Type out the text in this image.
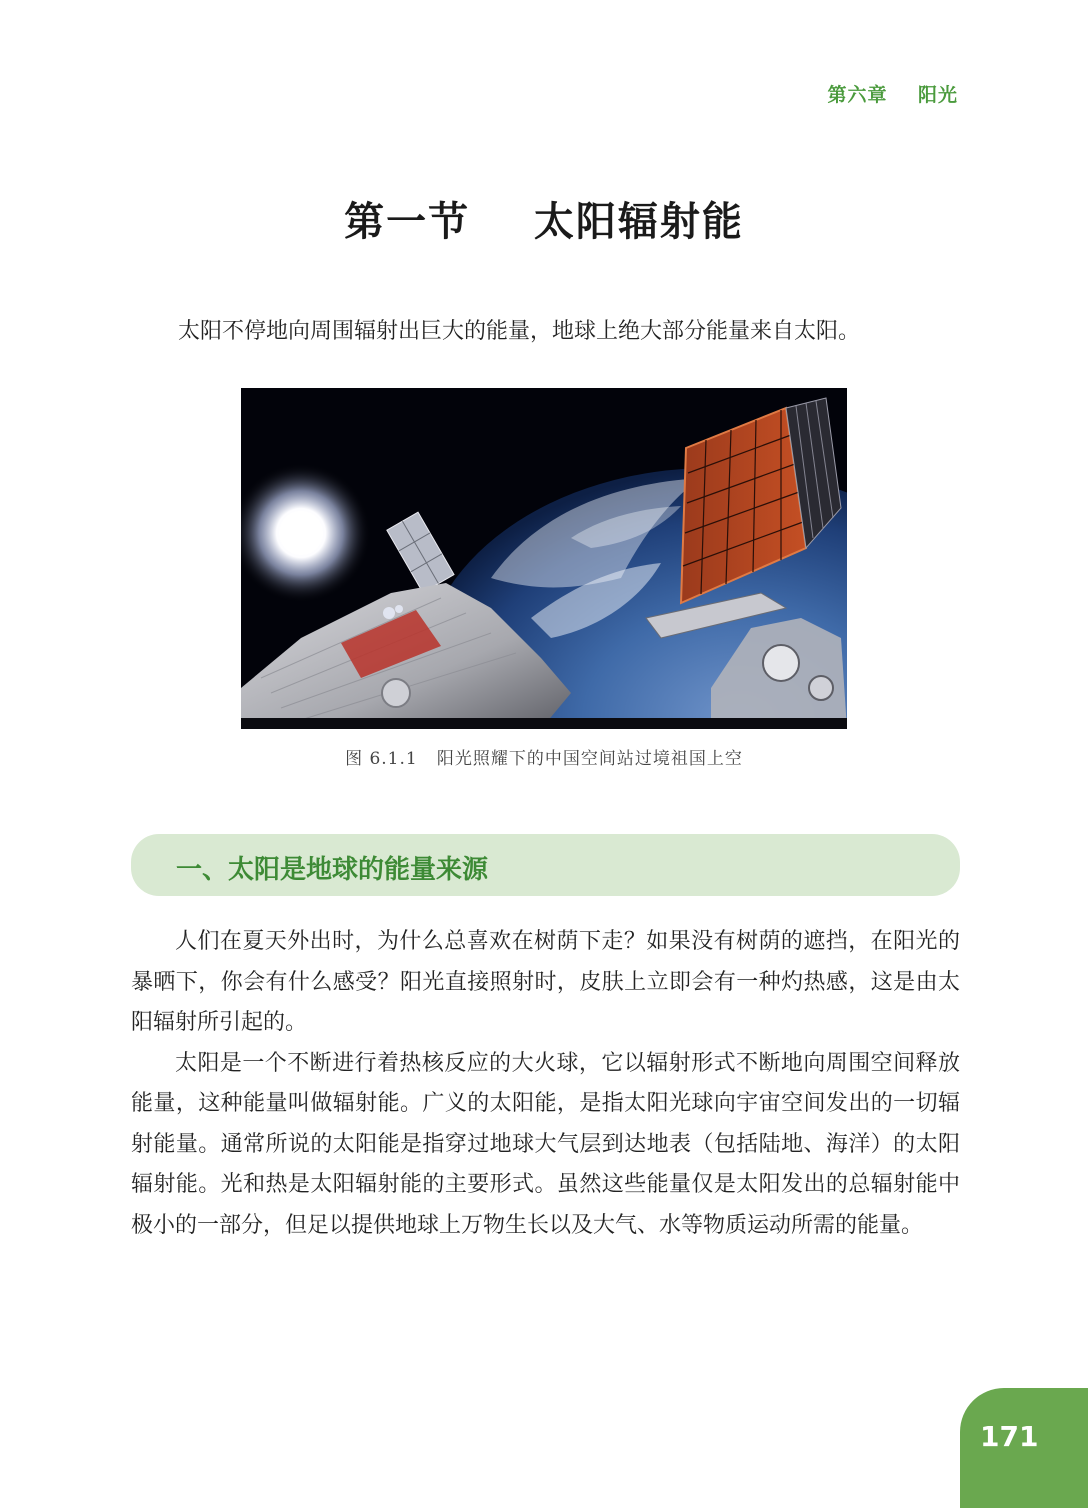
第六章    阳光
第一节    太阳辐射能
太阳不停地向周围辐射出巨大的能量，地球上绝大部分能量来自太阳。
图 6.1.1   阳光照耀下的中国空间站过境祖国上空
一、太阳是地球的能量来源

人们在夏天外出时，为什么总喜欢在树荫下走？如果没有树荫的遮挡，在阳光的暴晒下，你会有什么感受？阳光直接照射时，皮肤上立即会有一种灼热感，这是由太阳辐射所引起的。

太阳是一个不断进行着热核反应的大火球，它以辐射形式不断地向周围空间释放能量，这种能量叫做辐射能。广义的太阳能，是指太阳光球向宇宙空间发出的一切辐射能量。通常所说的太阳能是指穿过地球大气层到达地表（包括陆地、海洋）的太阳辐射能。光和热是太阳辐射能的主要形式。虽然这些能量仅是太阳发出的总辐射能中极小的一部分，但足以提供地球上万物生长以及大气、水等物质运动所需的能量。

171
